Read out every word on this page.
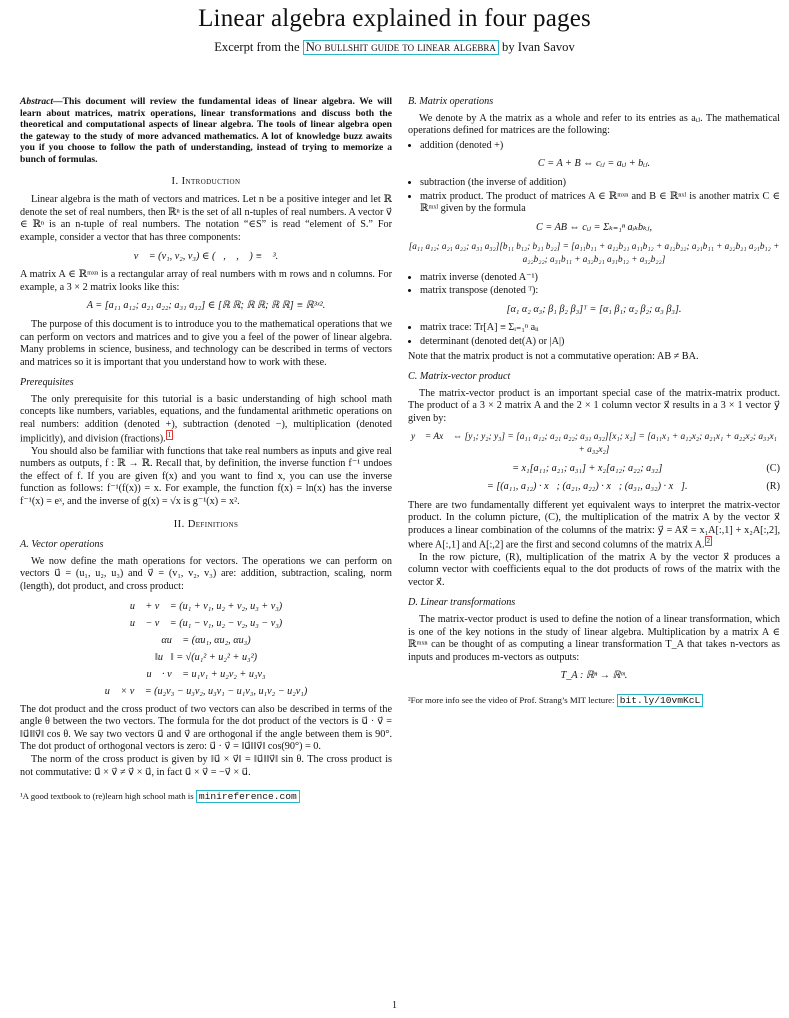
Linear algebra explained in four pages
Excerpt from the No bullshit guide to linear algebra by Ivan Savov

Abstract—This document will review the fundamental ideas of linear algebra. We will learn about matrices, matrix operations, linear transformations and discuss both the theoretical and computational aspects of linear algebra. The tools of linear algebra open the gateway to the study of more advanced mathematics. A lot of knowledge buzz awaits you if you choose to follow the path of understanding, instead of trying to memorize a bunch of formulas.

I. Introduction

Linear algebra is the math of vectors and matrices. Let n be a positive integer and let ℝ denote the set of real numbers, then ℝⁿ is the set of all n-tuples of real numbers. A vector v⃗ ∈ ℝⁿ is an n-tuple of real numbers. The notation “∈S” is read “element of S.” For example, consider a vector that has three components:

v⃗ = (v₁, v₂, v₃) ∈ (ℝ, ℝ, ℝ) ≡ ℝ³.

A matrix A ∈ ℝᵐˣⁿ is a rectangular array of real numbers with m rows and n columns. For example, a 3 × 2 matrix looks like this:

A = [a₁₁ a₁₂; a₂₁ a₂₂; a₃₁ a₃₂] ∈ [ℝ ℝ; ℝ ℝ; ℝ ℝ] ≡ ℝ³ˣ².

The purpose of this document is to introduce you to the mathematical operations that we can perform on vectors and matrices and to give you a feel of the power of linear algebra. Many problems in science, business, and technology can be described in terms of vectors and matrices so it is important that you understand how to work with these.

Prerequisites

The only prerequisite for this tutorial is a basic understanding of high school math concepts like numbers, variables, equations, and the fundamental arithmetic operations on real numbers: addition (denoted +), subtraction (denoted −), multiplication (denoted implicitly), and division (fractions). $^1$

You should also be familiar with functions that take real numbers as inputs and give real numbers as outputs, f : ℝ → ℝ. Recall that, by definition, the inverse function f⁻¹ undoes the effect of f. If you are given f(x) and you want to find x, you can use the inverse function as follows: f⁻¹(f(x)) = x. For example, the function f(x) = ln(x) has the inverse f⁻¹(x) = eˣ, and the inverse of g(x) = √x is g⁻¹(x) = x².

II. Definitions
A. Vector operations

We now define the math operations for vectors. The operations we can perform on vectors u⃗ = (u₁, u₂, u₃) and v⃗ = (v₁, v₂, v₃) are: addition, subtraction, scaling, norm (length), dot product, and cross product:

u⃗ + v⃗ = (u₁ + v₁, u₂ + v₂, u₃ + v₃)
u⃗ − v⃗ = (u₁ − v₁, u₂ − v₂, u₃ − v₃)
αu⃗ = (αu₁, αu₂, αu₃)
‖u⃗‖ = √(u₁² + u₂² + u₃²)
u⃗ · v⃗ = u₁v₁ + u₂v₂ + u₃v₃
u⃗ × v⃗ = (u₂v₃ − u₃v₂, u₃v₁ − u₁v₃, u₁v₂ − u₂v₁)

The dot product and the cross product of two vectors can also be described in terms of the angle θ between the two vectors. The formula for the dot product of the vectors is u⃗ · v⃗ = ‖u⃗‖‖v⃗‖ cos θ. We say two vectors u⃗ and v⃗ are orthogonal if the angle between them is 90°. The dot product of orthogonal vectors is zero: u⃗ · v⃗ = ‖u⃗‖‖v⃗‖ cos(90°) = 0.

The norm of the cross product is given by ‖u⃗ × v⃗‖ = ‖u⃗‖‖v⃗‖ sin θ. The cross product is not commutative: u⃗ × v⃗ ≠ v⃗ × u⃗, in fact u⃗ × v⃗ = −v⃗ × u⃗.

¹A good textbook to (re)learn high school math is minireference.com

B. Matrix operations

We denote by A the matrix as a whole and refer to its entries as aᵢⱼ. The mathematical operations defined for matrices are the following:

• addition (denoted +)
C = A + B ⇔ cᵢⱼ = aᵢⱼ + bᵢⱼ.
• subtraction (the inverse of addition)
• matrix product. The product of matrices A ∈ ℝᵐˣⁿ and B ∈ ℝⁿˣˡ is another matrix C ∈ ℝᵐˣˡ given by the formula
C = AB ⇔ cᵢⱼ = Σₖ₌₁ⁿ aᵢₖbₖⱼ,
[a₁₁ a₁₂; a₂₁ a₂₂; a₃₁ a₃₂][b₁₁ b₁₂; b₂₁ b₂₂] = [a₁₁b₁₁ + a₁₂b₂₁ a₁₁b₁₂ + a₁₂b₂₂; a₂₁b₁₁ + a₂₂b₂₁ a₂₁b₁₂ + a₂₂b₂₂; a₃₁b₁₁ + a₃₂b₂₁ a₃₁b₁₂ + a₃₂b₂₂]
• matrix inverse (denoted A⁻¹)
• matrix transpose (denoted ᵀ):
[α₁ α₂ α₃; β₁ β₂ β₃]ᵀ = [α₁ β₁; α₂ β₂; α₃ β₃].
• matrix trace: Tr[A] ≡ Σᵢ₌₁ⁿ aᵢᵢ
• determinant (denoted det(A) or |A|)

Note that the matrix product is not a commutative operation: AB ≠ BA.

C. Matrix-vector product

The matrix-vector product is an important special case of the matrix-matrix product. The product of a 3 × 2 matrix A and the 2 × 1 column vector x⃗ results in a 3 × 1 vector y⃗ given by:

y⃗ = Ax⃗ ⇔ [y₁; y₂; y₃] = [a₁₁ a₁₂; a₂₁ a₂₂; a₃₁ a₃₂][x₁; x₂] = [a₁₁x₁ + a₁₂x₂; a₂₁x₁ + a₂₂x₂; a₃₁x₁ + a₃₂x₂]
= x₁[a₁₁; a₂₁; a₃₁] + x₂[a₁₂; a₂₂; a₃₂]	(C)
= [(a₁₁, a₁₂) · x⃗; (a₂₁, a₂₂) · x⃗; (a₃₁, a₃₂) · x⃗].	(R)

There are two fundamentally different yet equivalent ways to interpret the matrix-vector product. In the column picture, (C), the multiplication of the matrix A by the vector x⃗ produces a linear combination of the columns of the matrix: y⃗ = Ax⃗ = x₁A[:,1] + x₂A[:,2], where A[:,1] and A[:,2] are the first and second columns of the matrix A. $^2$

In the row picture, (R), multiplication of the matrix A by the vector x⃗ produces a column vector with coefficients equal to the dot products of rows of the matrix with the vector x⃗.

D. Linear transformations

The matrix-vector product is used to define the notion of a linear transformation, which is one of the key notions in the study of linear algebra. Multiplication by a matrix A ∈ ℝᵐˣⁿ can be thought of as computing a linear transformation T_A that takes n-vectors as inputs and produces m-vectors as outputs:

T_A : ℝⁿ → ℝᵐ.

²For more info see the video of Prof. Strang’s MIT lecture: bit.ly/10vmKcL

1
